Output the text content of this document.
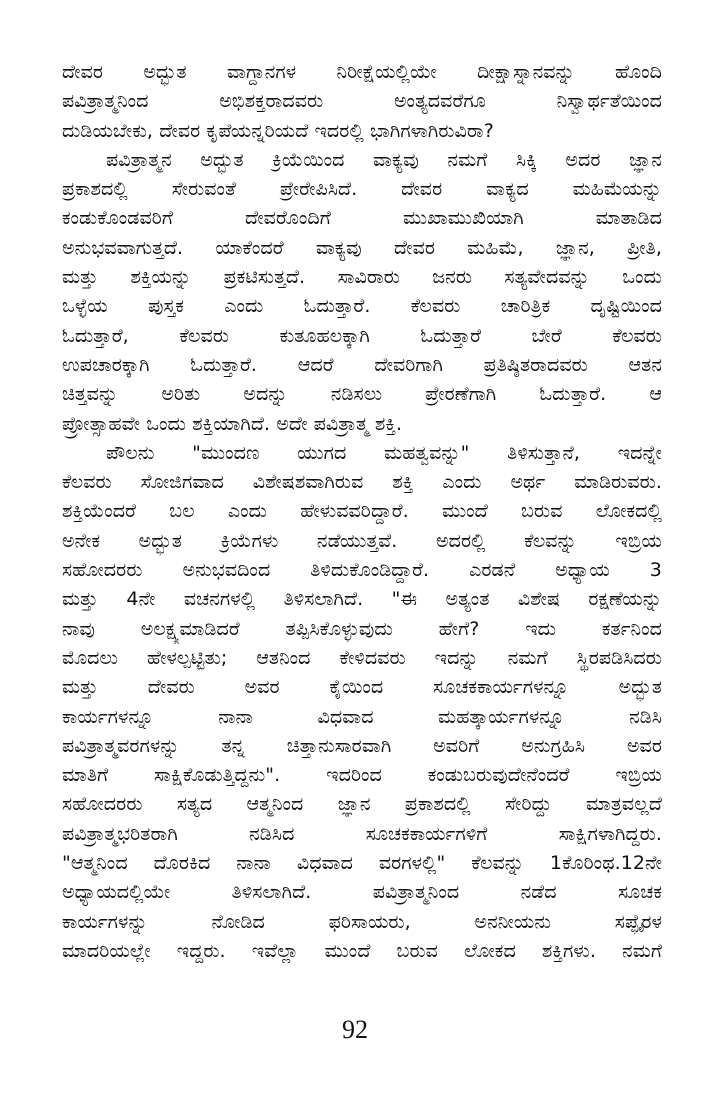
ದೇವರ ಅದ್ಭುತ ವಾಗ್ದಾನಗಳ ನಿರೀಕ್ಷೆಯಲ್ಲಿಯೇ ದೀಕ್ಷಾಸ್ನಾನವನ್ನು ಹೊಂದಿ
ಪವಿತ್ರಾತ್ಮನಿಂದ ಅಭಿಶಕ್ತರಾದವರು ಅಂತ್ಯದವರೆಗೂ ನಿಸ್ವಾರ್ಥತೆಯಿಂದ
ದುಡಿಯಬೇಕು, ದೇವರ ಕೃಪೆಯನ್ನರಿಯದೆ ಇದರಲ್ಲಿ ಭಾಗಿಗಳಾಗಿರುವಿರಾ?
ಪವಿತ್ರಾತ್ಮನ ಅದ್ಭುತ ಕ್ರಿಯೆಯಿಂದ ವಾಕ್ಯವು ನಮಗೆ ಸಿಕ್ಕಿ ಅದರ ಜ್ಞಾನ
ಪ್ರಕಾಶದಲ್ಲಿ ಸೇರುವಂತೆ ಪ್ರೇರೇಪಿಸಿದೆ. ದೇವರ ವಾಕ್ಯದ ಮಹಿಮೆಯನ್ನು
ಕಂಡುಕೊಂಡವರಿಗೆ ದೇವರೊಂದಿಗೆ ಮುಖಾಮುಖಿಯಾಗಿ ಮಾತಾಡಿದ
ಅನುಭವವಾಗುತ್ತದೆ. ಯಾಕೆಂದರೆ ವಾಕ್ಯವು ದೇವರ ಮಹಿಮೆ, ಜ್ಞಾನ, ಪ್ರೀತಿ,
ಮತ್ತು ಶಕ್ತಿಯನ್ನು ಪ್ರಕಟಿಸುತ್ತದೆ. ಸಾವಿರಾರು ಜನರು ಸತ್ಯವೇದವನ್ನು ಒಂದು
ಒಳ್ಳೆಯ ಪುಸ್ತಕ ಎಂದು ಓದುತ್ತಾರೆ. ಕೆಲವರು ಚಾರಿತ್ರಿಕ ದೃಷ್ಟಿಯಿಂದ
ಓದುತ್ತಾರೆ, ಕೆಲವರು ಕುತೂಹಲಕ್ಕಾಗಿ ಓದುತ್ತಾರೆ ಬೇರೆ ಕೆಲವರು
ಉಪಚಾರಕ್ಕಾಗಿ ಓದುತ್ತಾರೆ. ಆದರೆ ದೇವರಿಗಾಗಿ ಪ್ರತಿಷ್ಠಿತರಾದವರು ಆತನ
ಚಿತ್ತವನ್ನು ಅರಿತು ಅದನ್ನು ನಡಿಸಲು ಪ್ರೇರಣೆಗಾಗಿ ಓದುತ್ತಾರೆ. ಆ
ಪ್ರೋತ್ಸಾಹವೇ ಒಂದು ಶಕ್ತಿಯಾಗಿದೆ. ಅದೇ ಪವಿತ್ರಾತ್ಮ ಶಕ್ತಿ.
ಪೌಲನು "ಮುಂದಣ ಯುಗದ ಮಹತ್ವವನ್ನು" ತಿಳಿಸುತ್ತಾನೆ, ಇದನ್ನೇ
ಕೆಲವರು ಸೋಜಿಗವಾದ ವಿಶೇಷಶವಾಗಿರುವ ಶಕ್ತಿ ಎಂದು ಅರ್ಥ ಮಾಡಿರುವರು.
ಶಕ್ತಿಯೆಂದರೆ ಬಲ ಎಂದು ಹೇಳುವವರಿದ್ದಾರೆ. ಮುಂದೆ ಬರುವ ಲೋಕದಲ್ಲಿ
ಅನೇಕ ಅದ್ಭುತ ಕ್ರಿಯೆಗಳು ನಡೆಯುತ್ತವೆ. ಅದರಲ್ಲಿ ಕೆಲವನ್ನು ಇಬ್ರಿಯ
ಸಹೋದರರು ಅನುಭವದಿಂದ ತಿಳಿದುಕೊಂಡಿದ್ದಾರೆ. ಎರಡನೆ ಅಧ್ಯಾಯ 3
ಮತ್ತು 4ನೇ ವಚನಗಳಲ್ಲಿ ತಿಳಿಸಲಾಗಿದೆ. "ಈ ಅತ್ಯಂತ ವಿಶೇಷ ರಕ್ಷಣೆಯನ್ನು
ನಾವು ಅಲಕ್ಷ್ಯಮಾಡಿದರೆ ತಪ್ಪಿಸಿಕೊಳ್ಳುವುದು ಹೇಗೆ? ಇದು ಕರ್ತನಿಂದ
ಮೊದಲು ಹೇಳಲ್ಪಟ್ಟಿತು; ಆತನಿಂದ ಕೇಳಿದವರು ಇದನ್ನು ನಮಗೆ ಸ್ಥಿರಪಡಿಸಿದರು
ಮತ್ತು ದೇವರು ಅವರ ಕೈಯಿಂದ ಸೂಚಕಕಾರ್ಯಗಳನ್ನೂ ಅದ್ಭುತ
ಕಾರ್ಯಗಳನ್ನೂ ನಾನಾ ವಿಧವಾದ ಮಹತ್ಕಾರ್ಯಗಳನ್ನೂ ನಡಿಸಿ
ಪವಿತ್ರಾತ್ಮವರಗಳನ್ನು ತನ್ನ ಚಿತ್ತಾನುಸಾರವಾಗಿ ಅವರಿಗೆ ಅನುಗ್ರಹಿಸಿ ಅವರ
ಮಾತಿಗೆ ಸಾಕ್ಷಿಕೊಡುತ್ತಿದ್ದನು". ಇದರಿಂದ ಕಂಡುಬರುವುದೇನೆಂದರೆ ಇಬ್ರಿಯ
ಸಹೋದರರು ಸತ್ಯದ ಆತ್ಮನಿಂದ ಜ್ಞಾನ ಪ್ರಕಾಶದಲ್ಲಿ ಸೇರಿದ್ದು ಮಾತ್ರವಲ್ಲದೆ
ಪವಿತ್ರಾತ್ಮಭರಿತರಾಗಿ ನಡಿಸಿದ ಸೂಚಕಕಾರ್ಯಗಳಿಗೆ ಸಾಕ್ಷಿಗಳಾಗಿದ್ದರು.
"ಆತ್ಮನಿಂದ ದೊರಕಿದ ನಾನಾ ವಿಧವಾದ ವರಗಳಲ್ಲಿ" ಕೆಲವನ್ನು 1ಕೊರಿಂಥ.12ನೇ
ಅಧ್ಯಾಯದಲ್ಲಿಯೇ ತಿಳಿಸಲಾಗಿದೆ. ಪವಿತ್ರಾತ್ಮನಿಂದ ನಡೆದ ಸೂಚಕ
ಕಾರ್ಯಗಳನ್ನು ನೋಡಿದ ಫರಿಸಾಯರು, ಅನನೀಯನು ಸಪ್ಫೈರಳ
ಮಾದರಿಯಲ್ಲೇ ಇದ್ದರು. ಇವೆಲ್ಲಾ ಮುಂದೆ ಬರುವ ಲೋಕದ ಶಕ್ತಿಗಳು. ನಮಗೆ
92
